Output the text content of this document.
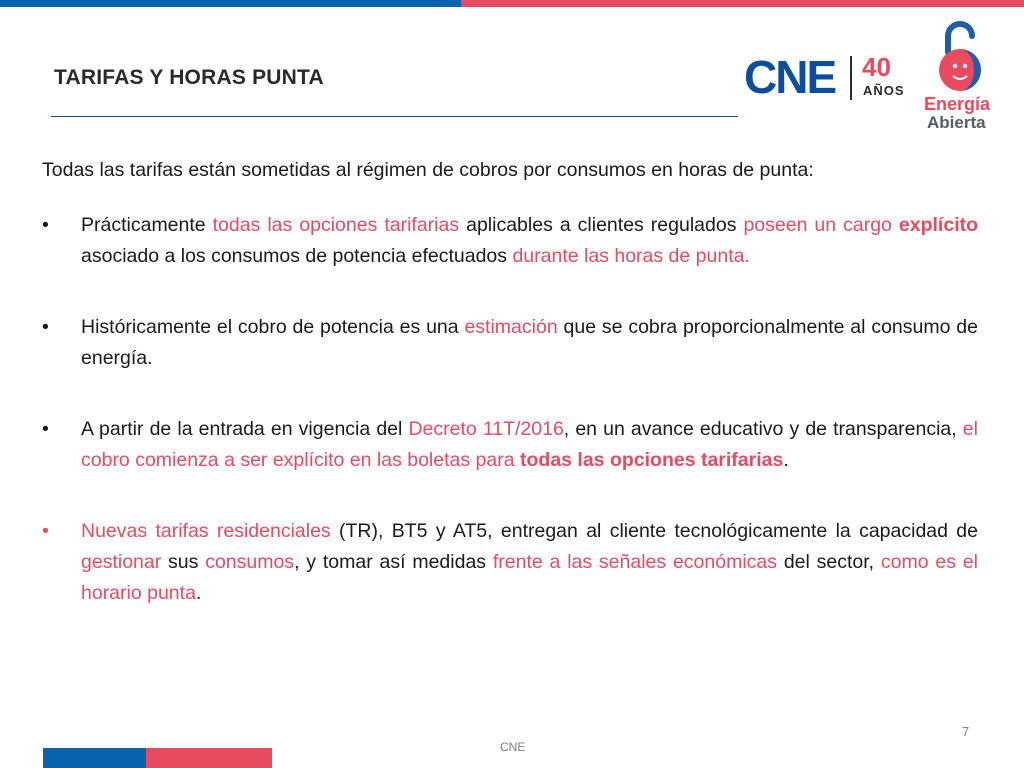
TARIFAS Y HORAS PUNTA	CNE 40
AÑOS
Energía
Abierta

Todas las tarifas están sometidas al régimen de cobros por consumos en horas de punta:

• Prácticamente todas las opciones tarifarias aplicables a clientes regulados poseen un cargo explícito asociado a los consumos de potencia efectuados durante las horas de punta.
• Históricamente el cobro de potencia es una estimación que se cobra proporcionalmente al consumo de energía.
• A partir de la entrada en vigencia del Decreto 11T/2016, en un avance educativo y de transparencia, el cobro comienza a ser explícito en las boletas para todas las opciones tarifarias.
• Nuevas tarifas residenciales (TR), BT5 y AT5, entregan al cliente tecnológicamente la capacidad de gestionar sus consumos, y tomar así medidas frente a las señales económicas del sector, como es el horario punta.
7
CNE
